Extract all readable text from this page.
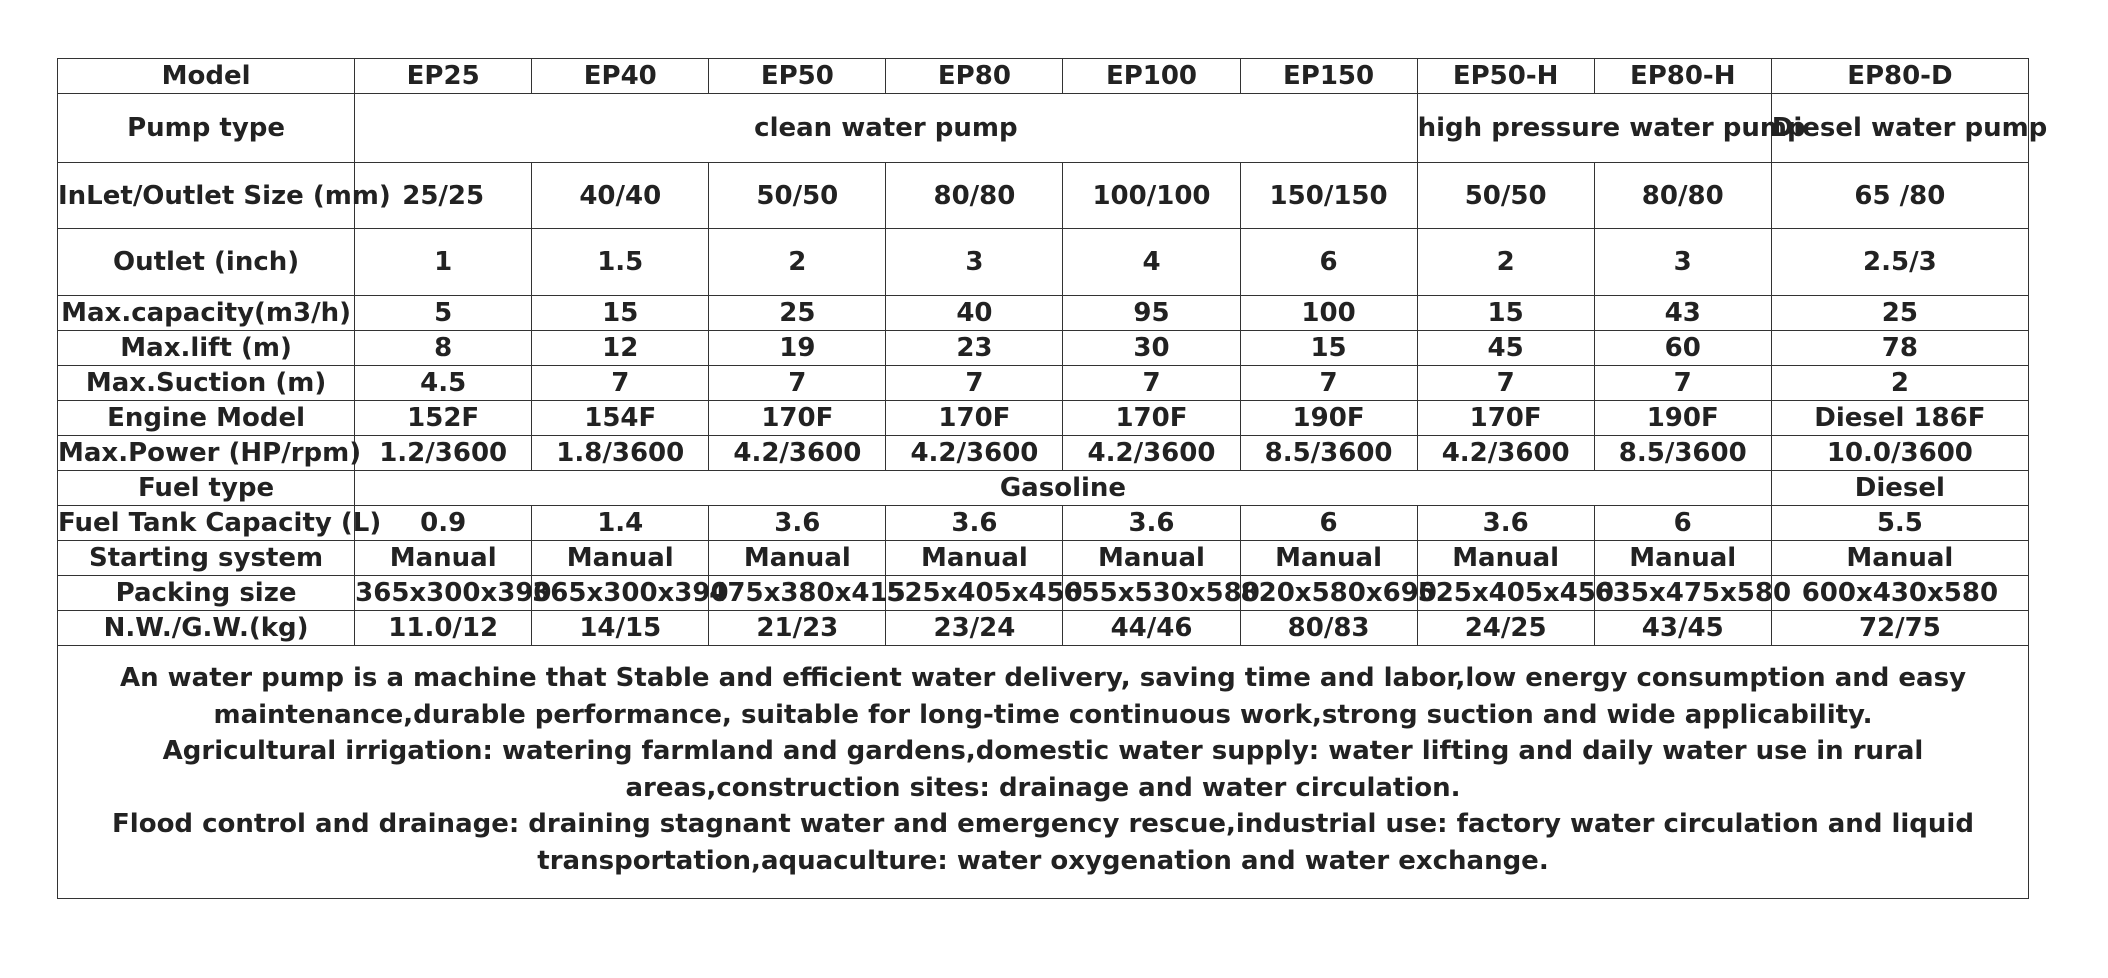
Model	EP25	EP40	EP50	EP80	EP100	EP150	EP50-H	EP80-H	EP80-D
Pump type	clean water pump						high pressure water pump		Diesel water pump
InLet/Outlet Size (mm)	25/25	40/40	50/50	80/80	100/100	150/150	50/50	80/80	65 /80
Outlet (inch)	1	1.5	2	3	4	6	2	3	2.5/3
Max.capacity(m3/h)	5	15	25	40	95	100	15	43	25
Max.lift (m)	8	12	19	23	30	15	45	60	78
Max.Suction (m)	4.5	7	7	7	7	7	7	7	2
Engine Model	152F	154F	170F	170F	170F	190F	170F	190F	Diesel 186F
Max.Power (HP/rpm)	1.2/3600	1.8/3600	4.2/3600	4.2/3600	4.2/3600	8.5/3600	4.2/3600	8.5/3600	10.0/3600
Fuel type	Gasoline								Diesel
Fuel Tank Capacity (L)	0.9	1.4	3.6	3.6	3.6	6	3.6	6	5.5
Starting system	Manual	Manual	Manual	Manual	Manual	Manual	Manual	Manual	Manual
Packing size	365x300x390	365x300x390	475x380x415	525x405x450	655x530x580	820x580x690	525x405x450	635x475x580	600x430x580
N.W./G.W.(kg)	11.0/12	14/15	21/23	23/24	44/46	80/83	24/25	43/45	72/75

An water pump is a machine that Stable and efficient water delivery, saving time and labor,low energy consumption and easy maintenance,durable performance, suitable for long-time continuous work,strong suction and wide applicability.

Agricultural irrigation: watering farmland and gardens,domestic water supply: water lifting and daily water use in rural areas,construction sites: drainage and water circulation.

Flood control and drainage: draining stagnant water and emergency rescue,industrial use: factory water circulation and liquid transportation,aquaculture: water oxygenation and water exchange.
